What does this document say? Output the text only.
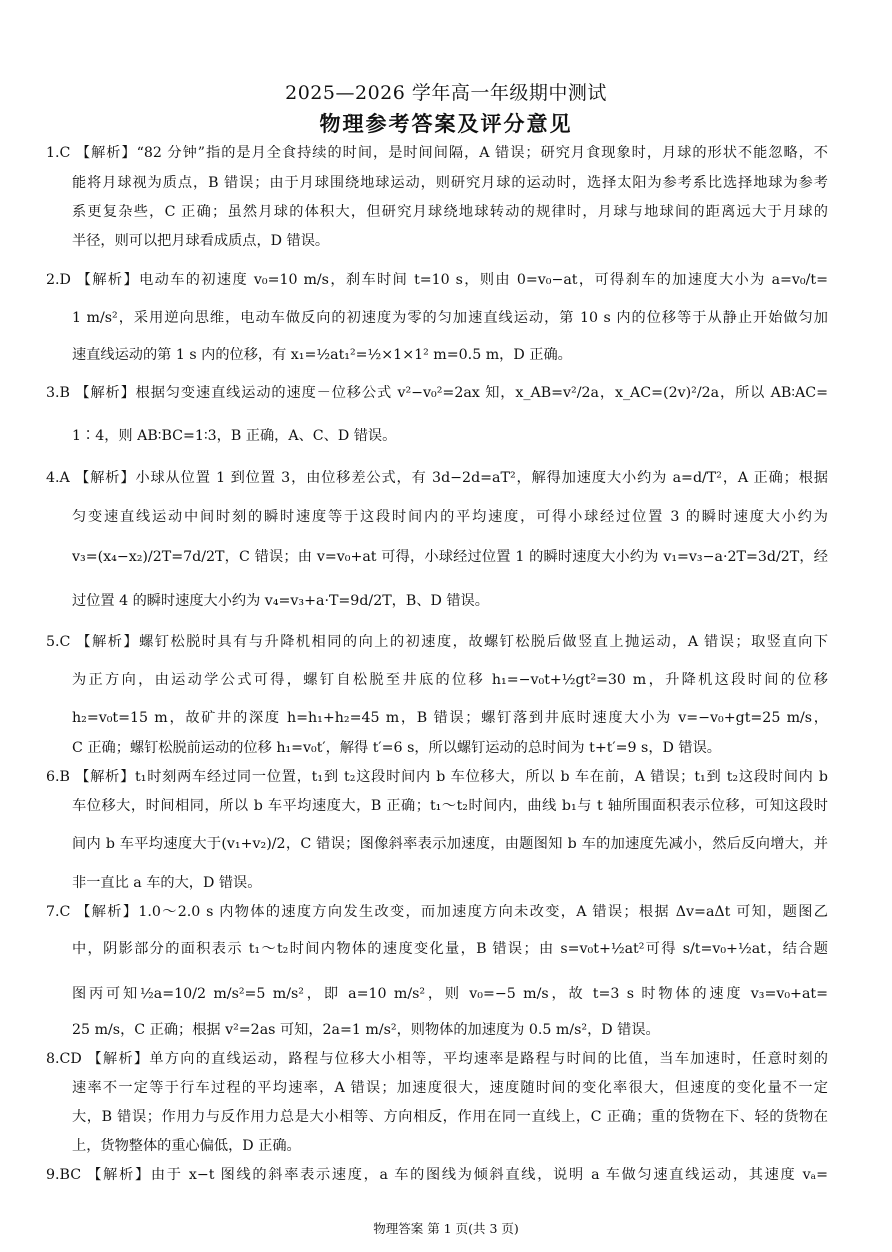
2025—2026 学年高一年级期中测试
物理参考答案及评分意见
1.C 【解析】“82 分钟”指的是月全食持续的时间，是时间间隔，A 错误；研究月食现象时，月球的形状不能忽略，不
能将月球视为质点，B 错误；由于月球围绕地球运动，则研究月球的运动时，选择太阳为参考系比选择地球为参考
系更复杂些，C 正确；虽然月球的体积大，但研究月球绕地球转动的规律时，月球与地球间的距离远大于月球的
半径，则可以把月球看成质点，D 错误。
2.D 【解析】电动车的初速度 v₀=10 m/s，刹车时间 t=10 s，则由 0=v₀−at，可得刹车的加速度大小为 a=v₀/t=
1 m/s²，采用逆向思维，电动车做反向的初速度为零的匀加速直线运动，第 10 s 内的位移等于从静止开始做匀加
速直线运动的第 1 s 内的位移，有 x₁=½at₁²=½×1×1² m=0.5 m，D 正确。
3.B 【解析】根据匀变速直线运动的速度－位移公式 v²−v₀²=2ax 知，x_AB=v²/2a，x_AC=(2v)²/2a，所以 AB∶AC=
1∶4，则 AB∶BC=1∶3，B 正确，A、C、D 错误。
4.A 【解析】小球从位置 1 到位置 3，由位移差公式，有 3d−2d=aT²，解得加速度大小约为 a=d/T²，A 正确；根据
匀变速直线运动中间时刻的瞬时速度等于这段时间内的平均速度，可得小球经过位置 3 的瞬时速度大小约为
v₃=(x₄−x₂)/2T=7d/2T，C 错误；由 v=v₀+at 可得，小球经过位置 1 的瞬时速度大小约为 v₁=v₃−a·2T=3d/2T，经
过位置 4 的瞬时速度大小约为 v₄=v₃+a·T=9d/2T，B、D 错误。
5.C 【解析】螺钉松脱时具有与升降机相同的向上的初速度，故螺钉松脱后做竖直上抛运动，A 错误；取竖直向下
为正方向，由运动学公式可得，螺钉自松脱至井底的位移 h₁=−v₀t+½gt²=30 m，升降机这段时间的位移
h₂=v₀t=15 m，故矿井的深度 h=h₁+h₂=45 m，B 错误；螺钉落到井底时速度大小为 v=−v₀+gt=25 m/s，
C 正确；螺钉松脱前运动的位移 h₁=v₀t′，解得 t′=6 s，所以螺钉运动的总时间为 t+t′=9 s，D 错误。
6.B 【解析】t₁时刻两车经过同一位置，t₁到 t₂这段时间内 b 车位移大，所以 b 车在前，A 错误；t₁到 t₂这段时间内 b
车位移大，时间相同，所以 b 车平均速度大，B 正确；t₁～t₂时间内，曲线 b₁与 t 轴所围面积表示位移，可知这段时
间内 b 车平均速度大于(v₁+v₂)/2，C 错误；图像斜率表示加速度，由题图知 b 车的加速度先减小，然后反向增大，并
非一直比 a 车的大，D 错误。
7.C 【解析】1.0～2.0 s 内物体的速度方向发生改变，而加速度方向未改变，A 错误；根据 Δv=aΔt 可知，题图乙
中，阴影部分的面积表示 t₁～t₂时间内物体的速度变化量，B 错误；由 s=v₀t+½at²可得 s/t=v₀+½at，结合题
图丙可知½a=10/2 m/s²=5 m/s²，即 a=10 m/s²，则 v₀=−5 m/s，故 t=3 s 时物体的速度 v₃=v₀+at=
25 m/s，C 正确；根据 v²=2as 可知，2a=1 m/s²，则物体的加速度为 0.5 m/s²，D 错误。
8.CD 【解析】单方向的直线运动，路程与位移大小相等，平均速率是路程与时间的比值，当车加速时，任意时刻的
速率不一定等于行车过程的平均速率，A 错误；加速度很大，速度随时间的变化率很大，但速度的变化量不一定
大，B 错误；作用力与反作用力总是大小相等、方向相反，作用在同一直线上，C 正确；重的货物在下、轻的货物在
上，货物整体的重心偏低，D 正确。
9.BC 【解析】由于 x−t 图线的斜率表示速度，a 车的图线为倾斜直线，说明 a 车做匀速直线运动，其速度 vₐ=
物理答案 第 1 页(共 3 页)
